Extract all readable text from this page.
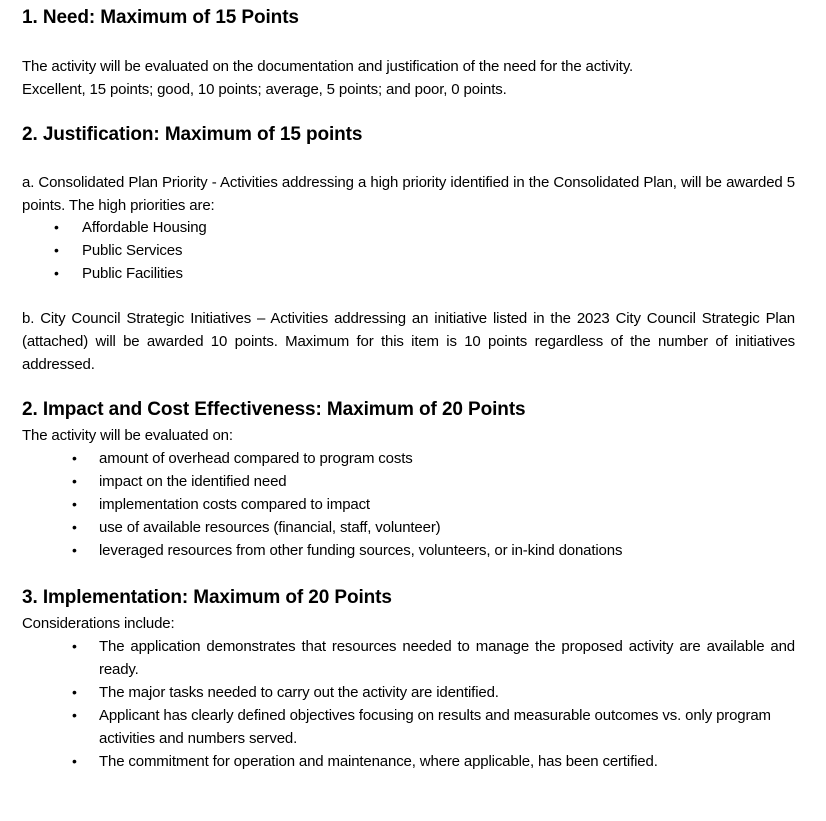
1. Need: Maximum of 15 Points
The activity will be evaluated on the documentation and justification of the need for the activity.
Excellent, 15 points; good, 10 points; average, 5 points; and poor, 0 points.
2. Justification: Maximum of 15 points
a. Consolidated Plan Priority - Activities addressing a high priority identified in the Consolidated Plan, will be awarded 5 points. The high priorities are:
• Affordable Housing
• Public Services
• Public Facilities
b. City Council Strategic Initiatives – Activities addressing an initiative listed in the 2023 City Council Strategic Plan (attached) will be awarded 10 points. Maximum for this item is 10 points regardless of the number of initiatives addressed.
2. Impact and Cost Effectiveness: Maximum of 20 Points
The activity will be evaluated on:
• amount of overhead compared to program costs
• impact on the identified need
• implementation costs compared to impact
• use of available resources (financial, staff, volunteer)
• leveraged resources from other funding sources, volunteers, or in-kind donations
3. Implementation: Maximum of 20 Points
Considerations include:
• The application demonstrates that resources needed to manage the proposed activity are available and ready.
• The major tasks needed to carry out the activity are identified.
• Applicant has clearly defined objectives focusing on results and measurable outcomes vs. only program activities and numbers served.
• The commitment for operation and maintenance, where applicable, has been certified.
